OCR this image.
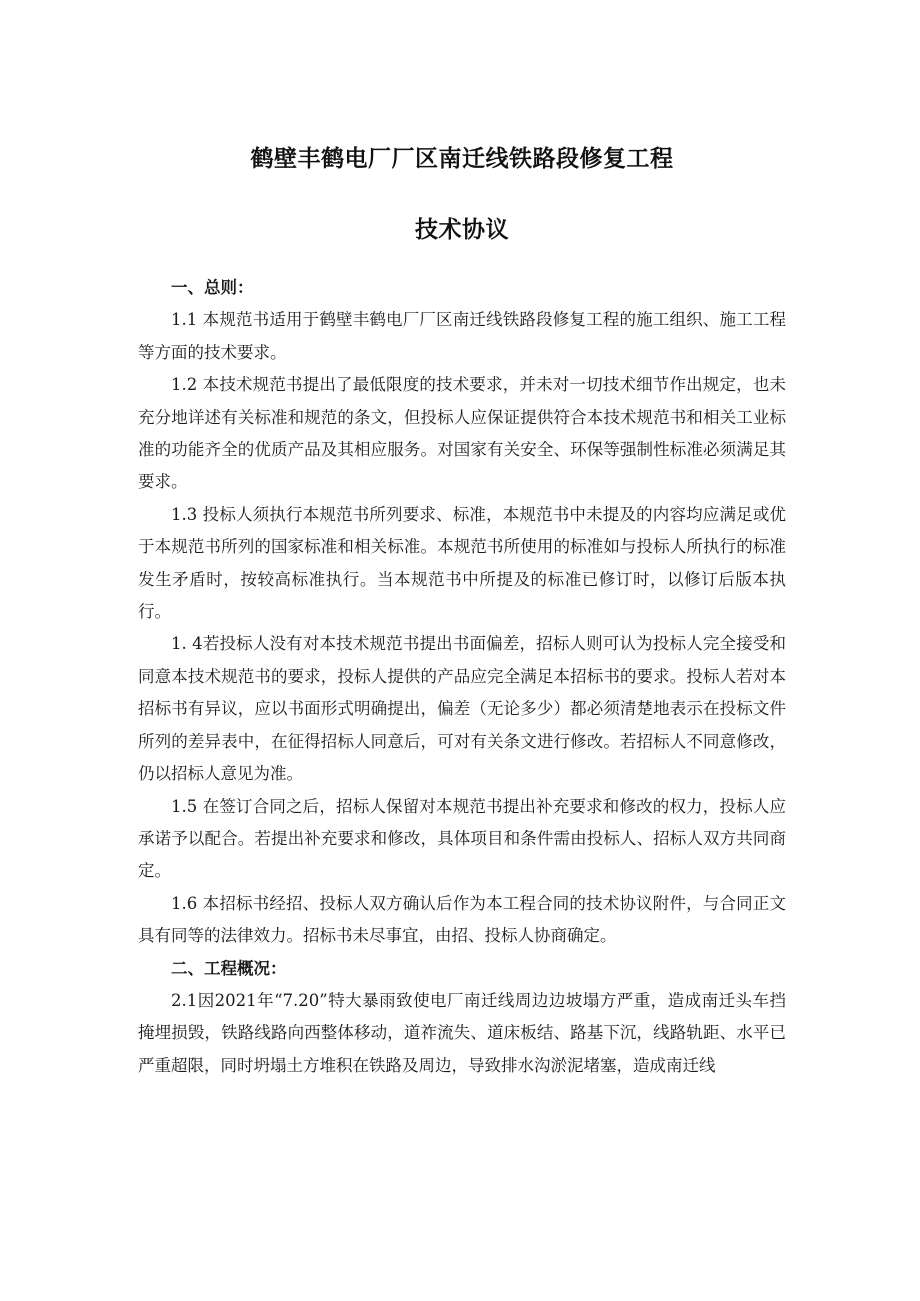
鹤壁丰鹤电厂厂区南迁线铁路段修复工程
技术协议

一、总则：

1.1 本规范书适用于鹤壁丰鹤电厂厂区南迁线铁路段修复工程的施工组织、施工工程等方面的技术要求。

1.2 本技术规范书提出了最低限度的技术要求，并未对一切技术细节作出规定，也未充分地详述有关标准和规范的条文，但投标人应保证提供符合本技术规范书和相关工业标准的功能齐全的优质产品及其相应服务。对国家有关安全、环保等强制性标准必须满足其要求。

1.3 投标人须执行本规范书所列要求、标准，本规范书中未提及的内容均应满足或优于本规范书所列的国家标准和相关标准。本规范书所使用的标准如与投标人所执行的标准发生矛盾时，按较高标准执行。当本规范书中所提及的标准已修订时，以修订后版本执行。

1. 4若投标人没有对本技术规范书提出书面偏差，招标人则可认为投标人完全接受和同意本技术规范书的要求，投标人提供的产品应完全满足本招标书的要求。投标人若对本招标书有异议，应以书面形式明确提出，偏差（无论多少）都必须清楚地表示在投标文件所列的差异表中，在征得招标人同意后，可对有关条文进行修改。若招标人不同意修改，仍以招标人意见为准。

1.5 在签订合同之后，招标人保留对本规范书提出补充要求和修改的权力，投标人应承诺予以配合。若提出补充要求和修改，具体项目和条件需由投标人、招标人双方共同商定。

1.6 本招标书经招、投标人双方确认后作为本工程合同的技术协议附件，与合同正文具有同等的法律效力。招标书未尽事宜，由招、投标人协商确定。

二、工程概况：

2.1因2021年“7.20”特大暴雨致使电厂南迁线周边边坡塌方严重，造成南迁头车挡掩埋损毁，铁路线路向西整体移动，道祚流失、道床板结、路基下沉，线路轨距、水平已严重超限，同时坍塌土方堆积在铁路及周边，导致排水沟淤泥堵塞，造成南迁线
